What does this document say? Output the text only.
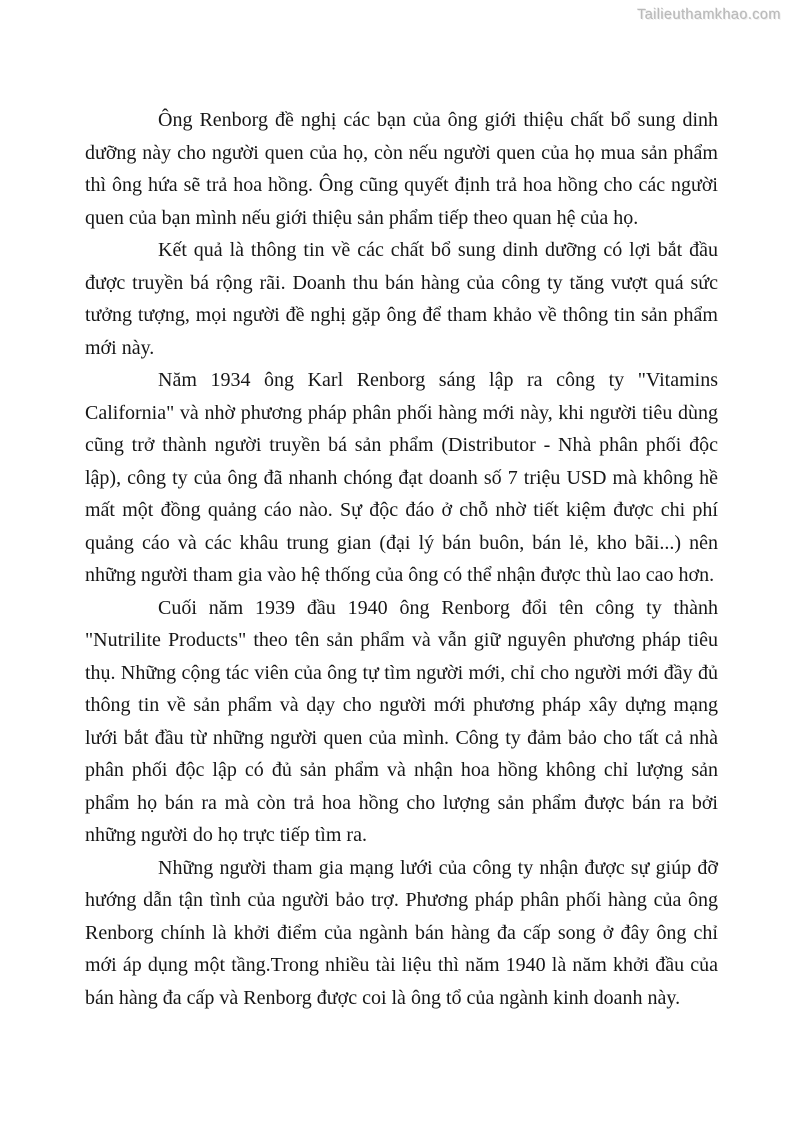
Tailieuthamkhao.com

Ông Renborg đề nghị các bạn của ông giới thiệu chất bổ sung dinh dưỡng này cho người quen của họ, còn nếu người quen của họ mua sản phẩm thì ông hứa sẽ trả hoa hồng. Ông cũng quyết định trả hoa hồng cho các người quen của bạn mình nếu giới thiệu sản phẩm tiếp theo quan hệ của họ.

Kết quả là thông tin về các chất bổ sung dinh dưỡng có lợi bắt đầu được truyền bá rộng rãi. Doanh thu bán hàng của công ty tăng vượt quá sức tưởng tượng, mọi người đề nghị gặp ông để tham khảo về thông tin sản phẩm mới này.

Năm 1934 ông Karl Renborg sáng lập ra công ty "Vitamins California" và nhờ phương pháp phân phối hàng mới này, khi người tiêu dùng cũng trở thành người truyền bá sản phẩm (Distributor - Nhà phân phối độc lập), công ty của ông đã nhanh chóng đạt doanh số 7 triệu USD mà không hề mất một đồng quảng cáo nào. Sự độc đáo ở chỗ nhờ tiết kiệm được chi phí quảng cáo và các khâu trung gian (đại lý bán buôn, bán lẻ, kho bãi...) nên những người tham gia vào hệ thống của ông có thể nhận được thù lao cao hơn.

Cuối năm 1939 đầu 1940 ông Renborg đổi tên công ty thành "Nutrilite Products" theo tên sản phẩm và vẫn giữ nguyên phương pháp tiêu thụ. Những cộng tác viên của ông tự tìm người mới, chỉ cho người mới đầy đủ thông tin về sản phẩm và dạy cho người mới phương pháp xây dựng mạng lưới bắt đầu từ những người quen của mình. Công ty đảm bảo cho tất cả nhà phân phối độc lập có đủ sản phẩm và nhận hoa hồng không chỉ lượng sản phẩm họ bán ra mà còn trả hoa hồng cho lượng sản phẩm được bán ra bởi những người do họ trực tiếp tìm ra.

Những người tham gia mạng lưới của công ty nhận được sự giúp đỡ hướng dẫn tận tình của người bảo trợ. Phương pháp phân phối hàng của ông Renborg chính là khởi điểm của ngành bán hàng đa cấp song ở đây ông chỉ mới áp dụng một tầng.Trong nhiều tài liệu thì năm 1940 là năm khởi đầu của bán hàng đa cấp và Renborg được coi là ông tổ của ngành kinh doanh này.
